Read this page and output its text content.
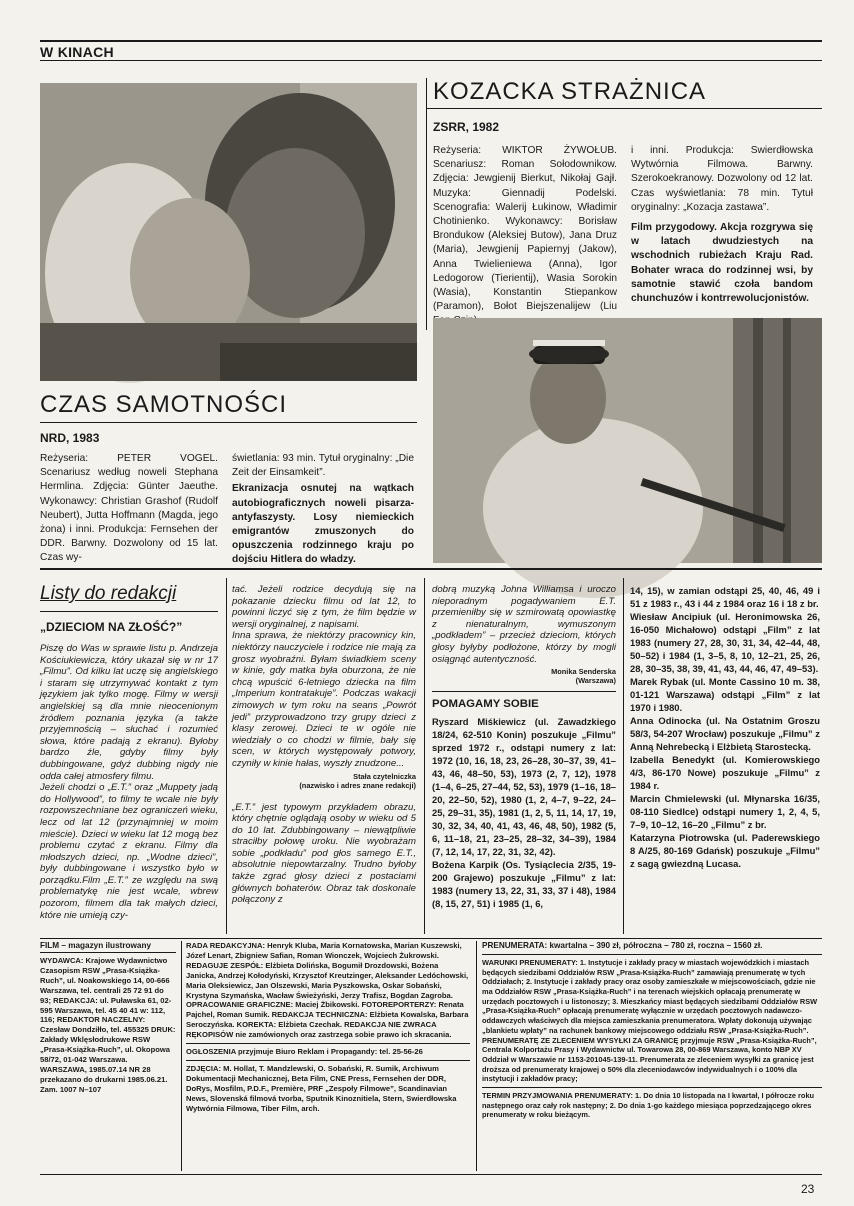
W KINACH
KOZACKA STRAŻNICA
ZSRR, 1982

Reżyseria: WIKTOR ŻYWOŁUB. Scenariusz: Roman Sołodownikow. Zdjęcia: Jewgienij Bierkut, Nikołaj Gajł. Muzyka: Giennadij Podelski. Scenografia: Walerij Łukinow, Władimir Chotinienko. Wykonawcy: Borisław Brondukow (Aleksiej Butow), Jana Druz (Maria), Jewgienij Papiernyj (Jakow), Anna Twielieniewa (Anna), Igor Ledogorow (Tierientij), Wasia Sorokin (Wasia), Konstantin Stiepankow (Paramon), Bołot Biejszenalijew (Liu

i inni. Produkcja: Swierdłowska Wytwórnia Filmowa. Barwny. Szerokoekranowy. Dozwolony od 12 lat. Czas wyświetlania: 78 min. Tytuł oryginalny: „Kozacja zastawa”.

Film przygodowy. Akcja rozgrywa się w latach dwudziestych na wschodnich rubieżach Kraju Rad. Bohater wraca do rodzinnej wsi, by samotnie stawić czoła bandom chunchuzów i kontrrewolucjonistów.

CZAS SAMOTNOŚCI
NRD, 1983

Reżyseria: PETER VOGEL. Scenariusz według noweli Stephana Hermlina. Zdjęcia: Günter Jaeuthe. Wykonawcy: Christian Grashof (Rudolf Neubert), Jutta Hoffmann (Magda, jego żona) i inni. Produkcja: Fernsehen der DDR. Barwny. Dozwolony od 15 lat. Czas wy-

świetlania: 93 min. Tytuł oryginalny: „Die Zeit der Einsamkeit”.

Ekranizacja osnutej na wątkach autobiograficznych noweli pisarza-antyfaszysty. Losy niemieckich emigrantów zmuszonych do opuszczenia rodzinnego kraju po dojściu Hitlera do władzy.

Listy do redakcji
„DZIECIOM NA ZŁOŚĆ?”

Piszę do Was w sprawie listu p. Andrzeja Kościukiewicza, który ukazał się w nr 17 „Filmu”. Od kilku lat uczę się angielskiego i staram się utrzymywać kontakt z tym językiem jak tylko mogę. Filmy w wersji angielskiej są dla mnie nieocenionym źródłem poznania języka (a także przyjemnością – słuchać i rozumieć słowa, które padają z ekranu). Byłoby bardzo źle, gdyby filmy były dubbingowane, gdyż dubbing nigdy nie odda całej atmosfery filmu.
Jeżeli chodzi o „E.T.” oraz „Muppety jadą do Hollywood”, to filmy te wcale nie były rozpowszechniane bez ograniczeń wieku, lecz od lat 12 (przynajmniej w moim mieście). Dzieci w wieku lat 12 mogą bez problemu czytać z ekranu. Filmy dla młodszych dzieci, np. „Wodne dzieci”, były dubbingowane i wszystko było w porządku.Film „E.T.” ze względu na swą problematykę nie jest wcale, wbrew pozorom, filmem dla tak małych dzieci, które nie umieją czy-

tać. Jeżeli rodzice decydują się na pokazanie dziecku filmu od lat 12, to powinni liczyć się z tym, że film będzie w wersji oryginalnej, z napisami.
Inna sprawa, że niektórzy pracownicy kin, niektórzy nauczyciele i rodzice nie mają za grosz wyobraźni. Byłam świadkiem sceny w kinie, gdy matka była oburzona, że nie chcą wpuścić 6-letniego dziecka na film „Imperium kontratakuje”. Podczas wakacji zimowych w tym roku na seans „Powrót jedi” przyprowadzono trzy grupy dzieci z klasy zerowej. Dzieci te w ogóle nie wiedziały o co chodzi w filmie, bały się scen, w których występowały potwory, czyniły w kinie hałas, wyszły znudzone...

Stała czytelniczka
(nazwisko i adres znane redakcji)

„E.T.” jest typowym przykładem obrazu, który chętnie oglądają osoby w wieku od 5 do 10 lat. Zdubbingowany – niewątpliwie straciłby połowę uroku. Nie wyobrażam sobie „podkładu” pod głos samego E.T., absolutnie niepowtarzalny. Trudno byłoby także zgrać głosy dzieci z postaciami głównych bohaterów. Obraz tak doskonale połączony z

dobrą muzyką Johna Williamsa i uroczo nieporadnym pogadywaniem E.T. przemieniłby się w szmirowatą opowiastkę z nienaturalnym, wymuszonym „podkładem” – przecież dzieciom, których głosy byłyby podłożone, którzy by mogli osiągnąć autentyczność.

Monika Senderska
(Warszawa)
POMAGAMY SOBIE

Ryszard Miśkiewicz (ul. Zawadzkiego 18/24, 62-510 Konin) poszukuje „Filmu” sprzed 1972 r., odstąpi numery z lat: 1972 (10, 16, 18, 23, 26–28, 30–37, 39, 41–43, 46, 48–50, 53), 1973 (2, 7, 12), 1978 (1–4, 6–25, 27–44, 52, 53), 1979 (1–16, 18–20, 22–50, 52), 1980 (1, 2, 4–7, 9–22, 24–25, 29–31, 35), 1981 (1, 2, 5, 11, 14, 17, 19, 30, 32, 34, 40, 41, 43, 46, 48, 50), 1982 (5, 6, 11–18, 21, 23–25, 28–32, 34–39), 1984 (7, 12, 14, 17, 22, 31, 32, 42).
Bożena Karpik (Os. Tysiąclecia 2/35, 19-200 Grajewo) poszukuje „Filmu” z lat: 1983 (numery 13, 22, 31, 33, 37 i 48), 1984 (8, 15, 27, 51) i 1985 (1, 6,

14, 15), w zamian odstąpi 25, 40, 46, 49 i 51 z 1983 r., 43 i 44 z 1984 oraz 16 i 18 z br.
Wiesław Ancipiuk (ul. Heronimowska 26, 16-050 Michałowo) odstąpi „Film” z lat 1983 (numery 27, 28, 30, 31, 34, 42–44, 48, 50–52) i 1984 (1, 3–5, 8, 10, 12–21, 25, 26, 28, 30–35, 38, 39, 41, 43, 44, 46, 47, 49–53).
Marek Rybak (ul. Monte Cassino 10 m. 38, 01-121 Warszawa) odstąpi „Film” z lat 1970 i 1980.
Anna Odinocka (ul. Na Ostatnim Groszu 58/3, 54-207 Wrocław) poszukuje „Filmu” z Anną Nehrebecką i Elżbietą Starostecką.
Izabella Benedykt (ul. Komierowskiego 4/3, 86-170 Nowe) poszukuje „Filmu” z 1984 r.
Marcin Chmielewski (ul. Młynarska 16/35, 08-110 Siedlce) odstąpi numery 1, 2, 4, 5, 7–9, 10–12, 16–20 „Filmu” z br.
Katarzyna Piotrowska (ul. Paderewskiego 8 A/25, 80-169 Gdańsk) poszukuje „Filmu” z sagą gwiezdną Lucasa.

FILM – magazyn ilustrowany

WYDAWCA: Krajowe Wydawnictwo Czasopism RSW „Prasa-Książka-Ruch”, ul. Noakowskiego 14, 00-666 Warszawa, tel. centrali 25 72 91 do 93; REDAKCJA: ul. Puławska 61, 02-595 Warszawa, tel. 45 40 41 w: 112, 116; REDAKTOR NACZELNY: Czesław Dondziłło, tel. 455325 DRUK: Zakłady Wklęsłodrukowe RSW „Prasa-Książka-Ruch”, ul. Okopowa 58/72, 01-042 Warszawa. WARSZAWA, 1985.07.14 NR 28 przekazano do drukarni 1985.06.21. Zam. 1007 N–107

RADA REDAKCYJNA: Henryk Kluba, Maria Kornatowska, Marian Kuszewski, Józef Lenart, Zbigniew Safian, Roman Wionczek, Wojciech Żukrowski. REDAGUJE ZESPÓŁ: Elżbieta Dolińska, Bogumił Drozdowski, Bożena Janicka, Andrzej Kołodyński, Krzysztof Kreutzinger, Aleksander Ledóchowski, Maria Oleksiewicz, Jan Olszewski, Maria Pyszkowska, Oskar Sobański, Krystyna Szymańska, Wacław Świeżyński, Jerzy Trafisz, Bogdan Zagroba. OPRACOWANIE GRAFICZNE: Maciej Żbikowski. FOTOREPORTERZY: Renata Pajchel, Roman Sumik. REDAKCJA TECHNICZNA: Elżbieta Kowalska, Barbara Seroczyńska. KOREKTA: Elżbieta Czechak. REDAKCJA NIE ZWRACA RĘKOPISÓW nie zamówionych oraz zastrzega sobie prawo ich skracania.

OGŁOSZENIA przyjmuje Biuro Reklam i Propagandy: tel. 25-56-26

ZDJĘCIA: M. Hollat, T. Mandzlewski, O. Sobański, R. Sumik, Archiwum Dokumentacji Mechanicznej, Beta Film, CNE Press, Fernsehen der DDR, DoRys, Mosfilm, P.D.F., Première, PRF „Zespoły Filmowe”, Scandinavian News, Slovenská filmová tvorba, Sputnik Kinoznitiela, Stern, Swierdłowska Wytwórnia Filmowa, Tiber Film, arch.

PRENUMERATA: kwartalna – 390 zł, półroczna – 780 zł, roczna – 1560 zł.

WARUNKI PRENUMERATY: 1. Instytucje i zakłady pracy w miastach wojewódzkich i miastach będących siedzibami Oddziałów RSW „Prasa-Książka-Ruch” zamawiają prenumeratę w tych Oddziałach; 2. Instytucje i zakłady pracy oraz osoby zamieszkałe w miejscowościach, gdzie nie ma Oddziałów RSW „Prasa-Książka-Ruch” i na terenach wiejskich opłacają prenumeratę w urzędach pocztowych i u listonoszy; 3. Mieszkańcy miast będących siedzibami Oddziałów RSW „Prasa-Książka-Ruch” opłacają prenumeratę wyłącznie w urzędach pocztowych nadawczo-oddawczych właściwych dla miejsca zamieszkania prenumeratora. Wpłaty dokonują używając „blankietu wpłaty” na rachunek bankowy miejscowego oddziału RSW „Prasa-Książka-Ruch”. PRENUMERATĘ ZE ZLECENIEM WYSYŁKI ZA GRANICĘ przyjmuje RSW „Prasa-Książka-Ruch”, Centrala Kolportażu Prasy i Wydawnictw ul. Towarowa 28, 00-869 Warszawa, konto NBP XV Oddział w Warszawie nr 1153-201045-139-11. Prenumerata ze zleceniem wysyłki za granicę jest droższa od prenumeraty krajowej o 50% dla zleceniodawców indywidualnych i o 100% dla instytucji i zakładów pracy;

TERMIN PRZYJMOWANIA PRENUMERATY: 1. Do dnia 10 listopada na I kwartał, I półrocze roku następnego oraz cały rok następny; 2. Do dnia 1-go każdego miesiąca poprzedzającego okres prenumeraty w roku bieżącym.

23
